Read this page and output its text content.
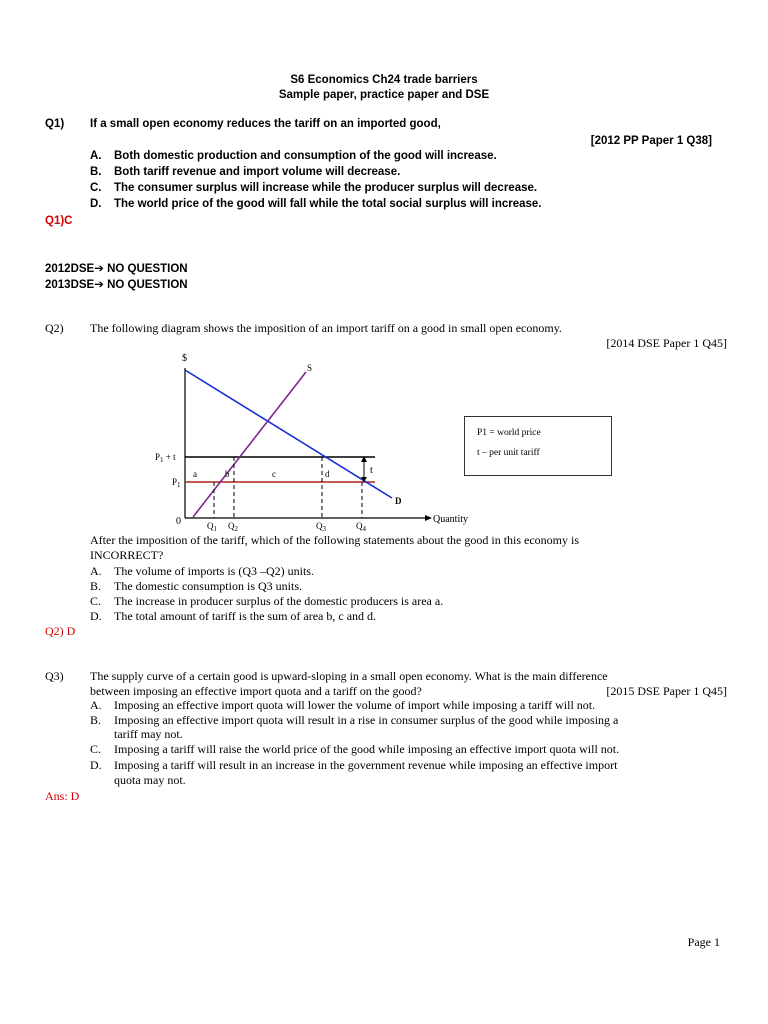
S6 Economics Ch24 trade barriers
Sample paper, practice paper and DSE
Q1) If a small open economy reduces the tariff on an imported good,
[2012 PP Paper 1 Q38]
A. Both domestic production and consumption of the good will increase.
B. Both tariff revenue and import volume will decrease.
C. The consumer surplus will increase while the producer surplus will decrease.
D. The world price of the good will fall while the total social surplus will increase.
Q1)C
2012DSE➔ NO QUESTION
2013DSE➔ NO QUESTION
Q2) The following diagram shows the imposition of an import tariff on a good in small open economy.
[2014 DSE Paper 1 Q45]
$
Quantity
0
$P_1 + t$
$P_1$
S
D
$Q_1$ $Q_2$	$Q_3$	$Q_4$
a	b	c	d	t
P1 = world price
t – per unit tariff
After the imposition of the tariff, which of the following statements about the good in this economy is
INCORRECT?
A. The volume of imports is (Q3 –Q2) units.
B. The domestic consumption is Q3 units.
C. The increase in producer surplus of the domestic producers is area a.
D. The total amount of tariff is the sum of area b, c and d.
Q2) D
Q3) The supply curve of a certain good is upward-sloping in a small open economy. What is the main difference
between imposing an effective import quota and a tariff on the good?	[2015 DSE Paper 1 Q45]
A. Imposing an effective import quota will lower the volume of import while imposing a tariff will not.
B. Imposing an effective import quota will result in a rise in consumer surplus of the good while imposing a
tariff may not.
C. Imposing a tariff will raise the world price of the good while imposing an effective import quota will not.
D. Imposing a tariff will result in an increase in the government revenue while imposing an effective import
quota may not.
Ans: D
Page 1
